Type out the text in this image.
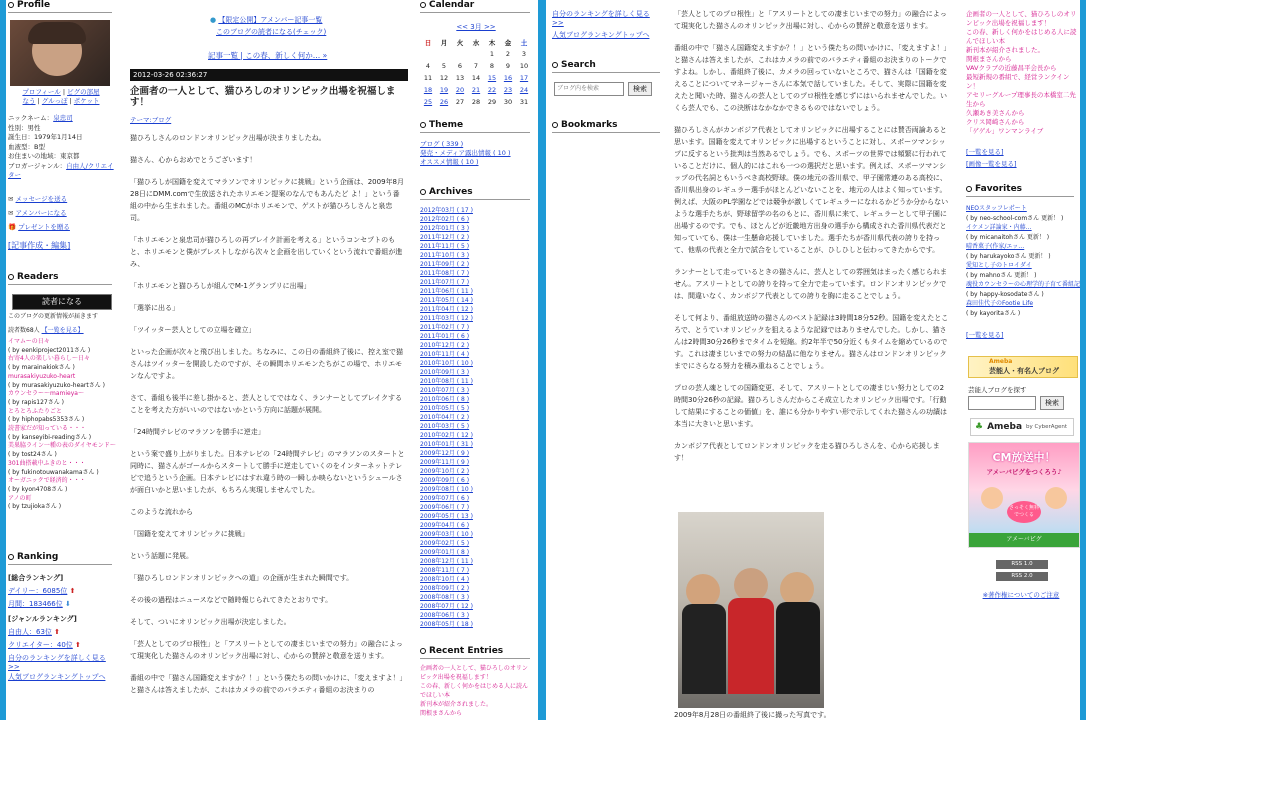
Profile
プロフィール | ピグの部屋
なう | グルっぽ | ポケット
ニックネーム：泉忠司
性別：男性
誕生日：1979年1月14日
血液型：B型
お住まいの地域：東京都
ブロガージャンル：自由人/クリエイター
✉ メッセージを送る
✉ アメンバーになる
🎁 プレゼントを贈る
[記事作成・編集]
Readers
読者になる
このブログの更新情報が届きます
読者数68人 【一覧を見る】
イマムーの日々
( by eenkiproject2011さん )
右寄4人の楽しい暮らし〜日々
( by marainakiokさん )
murasakiyuzuko-heart
( by murasakiyuzuko-heartさん )
カウンセラー〜mamieya〜
( by rapis127さん )
とろとろふたりごと
( by hiphopabs5353さん )
読書家だが知っている・・・
( by kanseyibi-readingさん )
美巣脇ライン一種の表のダイヤモンド〜
( by tost24さん )
301曲搭載中ふきのと・・・
( by fukinotouwanakamaさん )
オーガニックで経済的・・・
( by kyon4708さん )
アノの町
( by tzujiokaさん )
Ranking
[総合ランキング]
デイリー：6085位 ⬆
月間：183466位 ⬇
[ジャンルランキング]
自由人：63位 ⬆
クリエイター：40位 ⬆
自分のランキングを詳しく見る >>
人気ブログランキングトップへ
● 【限定公開】アメンバー記事一覧
このブログの読者になる(チェック)
記事一覧 | この春、新しく何か… »
2012-03-26 02:36:27
企画者の一人として、猫ひろしのオリンピック出場を祝福します！
テーマ:ブログ

猫ひろしさんのロンドンオリンピック出場が決まりましたね。

猫さん、心からおめでとうございます！

「猫ひろしが国籍を変えてマラソンでオリンピックに挑戦」という企画は、2009年8月28日にDMM.comで生放送されたホリエモン提案のなんでもあんたど よ！」という番組の中から生まれました。番組のMCがホリエモンで、ゲストが猫ひろしさんと泉忠司。

「ホリエモンと泉忠司が猫ひろしの再ブレイク計画を考える」というコンセプトのもと、ホリエモンと僕がブレストしながら次々と企画を出していくという流れで番組が進み、

「ホリエモンと猫ひろしが組んでM-1グランプリに出場」

「選挙に出る」

「ツイッター芸人としての立場を確立」

といった企画が次々と飛び出しました。ちなみに、この日の番組終了後に、控え室で猫さんはツイッターを開設したのですが、その瞬間ホリエモンたちがこの場で、ホリエモンなんですよ。

さて、番組も後半に差し掛かると、芸人としてではなく、ランナーとしてブレイクすることを考えた方がいいのではないかという方向に話題が展開。

「24時間テレビのマラソンを勝手に逆走」

という案で盛り上がりました。日本テレビの「24時間テレビ」のマラソンのスタートと同時に、猫さんがゴールからスタートして勝手に逆走していくのをインターネットテレビで追うという企画。日本テレビにはすれ違う時の一瞬しか映らないというシュールさが面白いかと思いましたが、もちろん実現しませんでした。

このような流れから

「国籍を変えてオリンピックに挑戦」

という話題に発展。

「猫ひろしロンドンオリンピックへの道」の企画が生まれた瞬間です。

その後の過程はニュースなどで随時報じられてきたとおりです。

そして、ついにオリンピック出場が決定しました。

「芸人としてのプロ根性」と「アスリートとしての凄まじいまでの努力」の融合によって現実化した猫さんのオリンピック出場に対し、心からの賛辞と敬意を送ります。

番組の中で「猫さん国籍変えますか？！」という僕たちの問いかけに、「変えますよ！」と猫さんは答えましたが、これはカメラの前でのバラエティ番組のお決まりの

Calendar
<< 3月 >>
日	月	火	水	木	金	土
				1	2	3
4	5	6	7	8	9	10
11	12	13	14	15	16	17
18	19	20	21	22	23	24
25	26	27	28	29	30	31
Theme
ブログ ( 339 )
発売・メディア露出情報 ( 10 )
オススメ情報 ( 10 )
Archives
2012年03月 ( 17 )
2012年02月 ( 6 )
2012年01月 ( 3 )
2011年12月 ( 2 )
2011年11月 ( 5 )
2011年10月 ( 3 )
2011年09月 ( 2 )
2011年08月 ( 7 )
2011年07月 ( 7 )
2011年06月 ( 11 )
2011年05月 ( 14 )
2011年04月 ( 12 )
2011年03月 ( 12 )
2011年02月 ( 7 )
2011年01月 ( 6 )
2010年12月 ( 2 )
2010年11月 ( 4 )
2010年10月 ( 10 )
2010年09月 ( 3 )
2010年08月 ( 11 )
2010年07月 ( 3 )
2010年06月 ( 8 )
2010年05月 ( 5 )
2010年04月 ( 2 )
2010年03月 ( 5 )
2010年02月 ( 12 )
2010年01月 ( 31 )
2009年12月 ( 9 )
2009年11月 ( 9 )
2009年10月 ( 2 )
2009年09月 ( 6 )
2009年08月 ( 10 )
2009年07月 ( 6 )
2009年06月 ( 7 )
2009年05月 ( 13 )
2009年04月 ( 6 )
2009年03月 ( 10 )
2009年02月 ( 5 )
2009年01月 ( 8 )
2008年12月 ( 11 )
2008年11月 ( 7 )
2008年10月 ( 4 )
2008年09月 ( 2 )
2008年08月 ( 3 )
2008年07月 ( 12 )
2008年06月 ( 3 )
2008年05月 ( 18 )
Recent Entries
企画者の一人として、猫ひろしのオリンピック出場を祝福します！
この春、新しく何かをはじめる人に読んでほしい本
新刊本が紹介されました。
関根まさんから
自分のランキングを詳しく見る >>
人気ブログランキングトップへ
Search
ブログ内を検索
検索
Bookmarks

「芸人としてのプロ根性」と「アスリートとしての凄まじいまでの努力」の融合によって現実化した猫さんのオリンピック出場に対し、心からの賛辞と敬意を送ります。

番組の中で「猫さん国籍変えますか？！」という僕たちの問いかけに、「変えますよ！」と猫さんは答えましたが、これはカメラの前でのバラエティ番組のお決まりのトークですよね。しかし、番組終了後に、カメラの回っていないところで、猫さんは「国籍を変えることについてマネージャーさんに本気で話していました。そして、実際に国籍を変えたと聞いた時、猫さんの芸人としてのプロ根性を感じずにはいられませんでした。いくら芸人でも、この決断はなかなかできるものではないでしょう。

猫ひろしさんがカンボジア代表としてオリンピックに出場することには賛否両論あると思います。国籍を変えてオリンピックに出場するということに対し、スポーツマンシップに反するという批判は当然あるでしょう。でも、スポーツの世界では頻繁に行われていることだけに、個人的にはこれも一つの選択だと思います。例えば、スポーツマンシップの代名詞ともいうべき高校野球。僕の地元の香川県で、甲子園常連のある高校に、香川県出身のレギュラー選手がほとんどいないことを、地元の人はよく知っています。例えば、大阪のPL学園などでは競争が激しくてレギュラーになれるかどうか分からないような選手たちが、野球留学の名のもとに、香川県に来て、レギュラーとして甲子園に出場するのです。でも、ほとんどが近畿地方出身の選手から構成された香川県代表だと知っていても、僕は一生懸命応援していました。選手たちが香川県代表の誇りを持って、他県の代表と全力で試合をしていることが、ひしひしと伝わってきたからです。

ランナーとして走っているときの猫さんに、芸人としての雰囲気はまったく感じられません。アスリートとしての誇りを持って全力で走っています。ロンドンオリンピックでは、間違いなく、カンボジア代表としての誇りを胸に走ることでしょう。

そして何より、番組放送時の猫さんのベスト記録は3時間18分52秒。国籍を変えたところで、とうていオリンピックを狙えるような記録ではありませんでした。しかし、猫さんは2時間30分26秒までタイムを短縮。約2年半で50分近くもタイムを縮めているのです。これは凄まじいまでの努力の結晶に他なりません。猫さんはロンドンオリンピックまでにさらなる努力を積み重ねることでしょう。

プロの芸人魂としての国籍変更、そして、アスリートとしての凄まじい努力としての2時間30分26秒の記録。猫ひろしさんだからこそ成立したオリンピック出場です。「行動して結果にすることの価値」を、誰にも分かりやすい形で示してくれた猫さんの功績は本当に大きいと思います。

カンボジア代表としてロンドンオリンピックを走る猫ひろしさんを、心から応援します！

2009年8月28日の番組終了後に撮った写真です。
企画者の一人として、猫ひろしのオリンピック出場を祝福します！
この春、新しく何かをはじめる人に読んでほしい本
新刊本が紹介されました。
関根まさんから
VAVクラブの近藤昌平会長から
最短新規の番組で、経営ランクインン！
アセリーグループ理事長の本橋室二先生から
久瀬あき美さんから
クリス岡崎さんから
「ゲゲル」ワンマンライブ
[一覧を見る]
[画像一覧を見る]
Favorites
NEOスタッフレポート
( by neo-school-comさん 更新！ )
イケメン詳論家・内藤…
( by micanaitohさん 更新！ )
晴香菓子(作家/エッ…
( by harukayokoさん 更新！ )
愛知とし子のトロイダイ
( by mahnoさん 更新！ )
魂役カウンセラーの心理学的子育て番組記
( by happy-kosodateさん )
森田佳代子のFootie Life
( by kayoritaさん )
[一覧を見る]
Ameba
芸能人・有名人ブログ
芸能人ブログを探す
検索
♣ Ameba by CyberAgent
CM放送中！
アメーバピグをつくろう♪
さっそく無料でつくる
アメーバピグ
RSS 1.0
RSS 2.0
※著作権についてのご注意
